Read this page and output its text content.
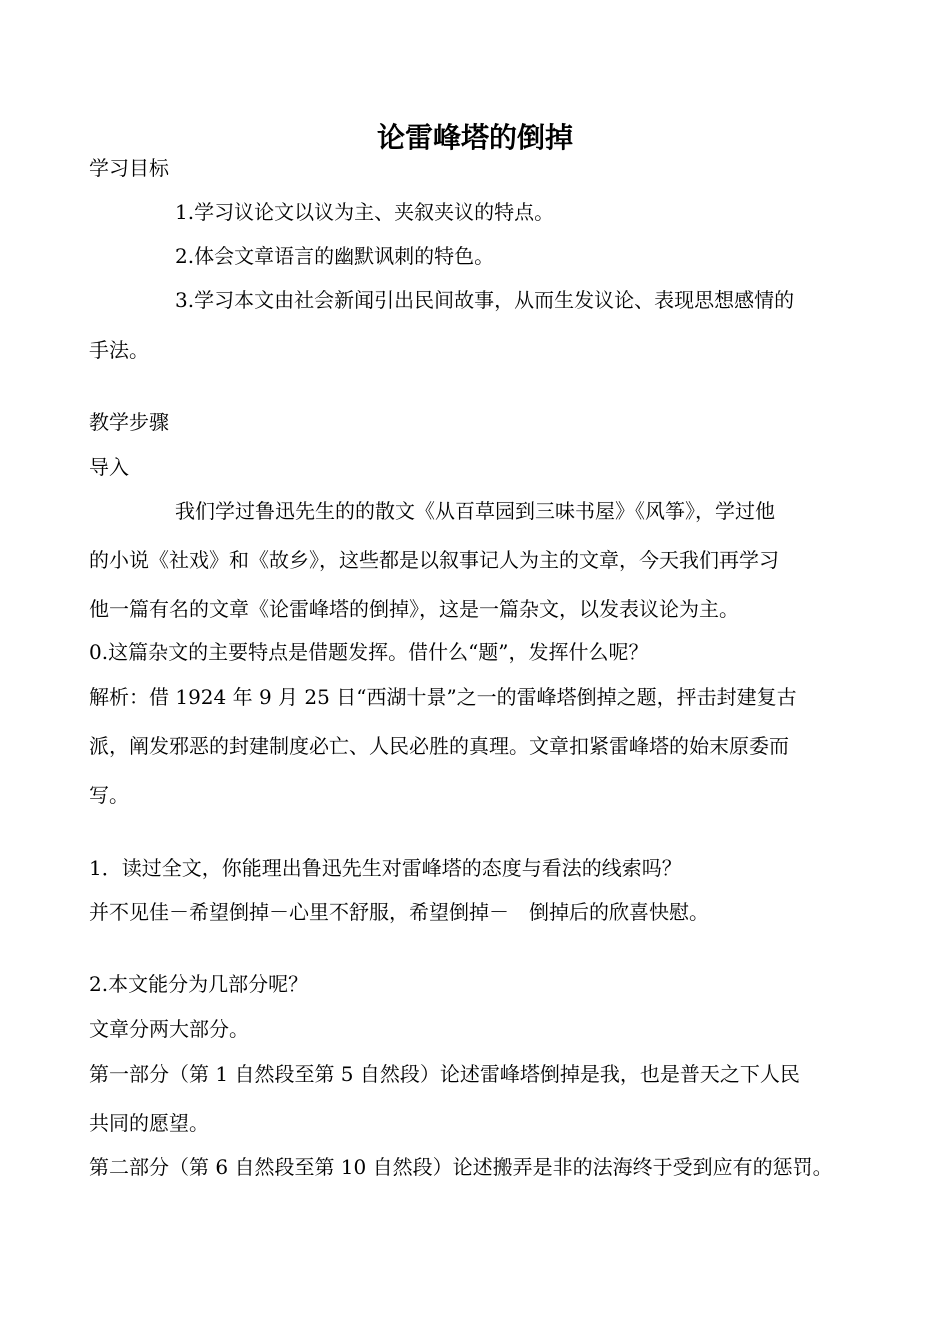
论雷峰塔的倒掉
学习目标
1.学习议论文以议为主、夹叙夹议的特点。
2.体会文章语言的幽默讽刺的特色。
3.学习本文由社会新闻引出民间故事，从而生发议论、表现思想感情的
手法。
教学步骤
导入
我们学过鲁迅先生的的散文《从百草园到三味书屋》《风筝》，学过他
的小说《社戏》和《故乡》，这些都是以叙事记人为主的文章，今天我们再学习
他一篇有名的文章《论雷峰塔的倒掉》，这是一篇杂文，以发表议论为主。
0.这篇杂文的主要特点是借题发挥。借什么“题”，发挥什么呢？
解析：借 1924 年 9 月 25 日“西湖十景”之一的雷峰塔倒掉之题，抨击封建复古
派，阐发邪恶的封建制度必亡、人民必胜的真理。文章扣紧雷峰塔的始末原委而
写。
1．读过全文，你能理出鲁迅先生对雷峰塔的态度与看法的线索吗？
并不见佳－希望倒掉－心里不舒服，希望倒掉－　倒掉后的欣喜快慰。
2.本文能分为几部分呢？
文章分两大部分。
第一部分（第 1 自然段至第 5 自然段）论述雷峰塔倒掉是我，也是普天之下人民
共同的愿望。
第二部分（第 6 自然段至第 10 自然段）论述搬弄是非的法海终于受到应有的惩罚。
